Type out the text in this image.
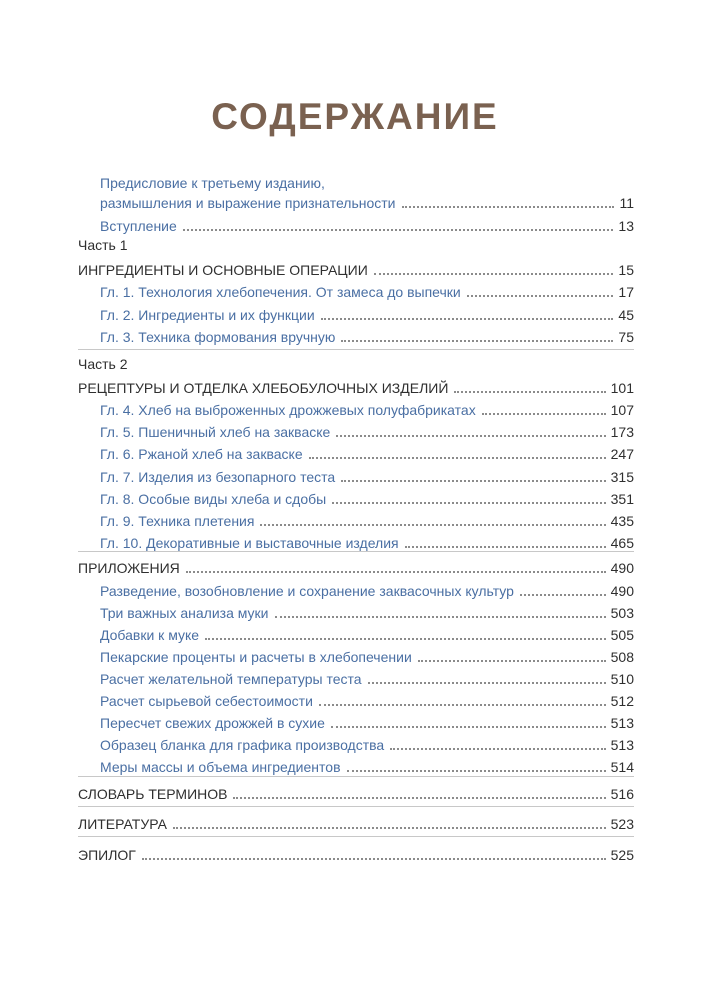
СОДЕРЖАНИЕ
Предисловие к третьему изданию,
размышления и выражение признательности	11
Вступление	13
Часть 1
ИНГРЕДИЕНТЫ И ОСНОВНЫЕ ОПЕРАЦИИ	15
Гл. 1. Технология хлебопечения. От замеса до выпечки	17
Гл. 2. Ингредиенты и их функции	45
Гл. 3. Техника формования вручную	75
Часть 2
РЕЦЕПТУРЫ И ОТДЕЛКА ХЛЕБОБУЛОЧНЫХ ИЗДЕЛИЙ	101
Гл. 4. Хлеб на выброженных дрожжевых полуфабрикатах	107
Гл. 5. Пшеничный хлеб на закваске	173
Гл. 6. Ржаной хлеб на закваске	247
Гл. 7. Изделия из безопарного теста	315
Гл. 8. Особые виды хлеба и сдобы	351
Гл. 9. Техника плетения	435
Гл. 10. Декоративные и выставочные изделия	465
ПРИЛОЖЕНИЯ	490
Разведение, возобновление и сохранение заквасочных культур	490
Три важных анализа муки	503
Добавки к муке	505
Пекарские проценты и расчеты в хлебопечении	508
Расчет желательной температуры теста	510
Расчет сырьевой себестоимости	512
Пересчет свежих дрожжей в сухие	513
Образец бланка для графика производства	513
Меры массы и объема ингредиентов	514
СЛОВАРЬ ТЕРМИНОВ	516
ЛИТЕРАТУРА	523
ЭПИЛОГ	525
